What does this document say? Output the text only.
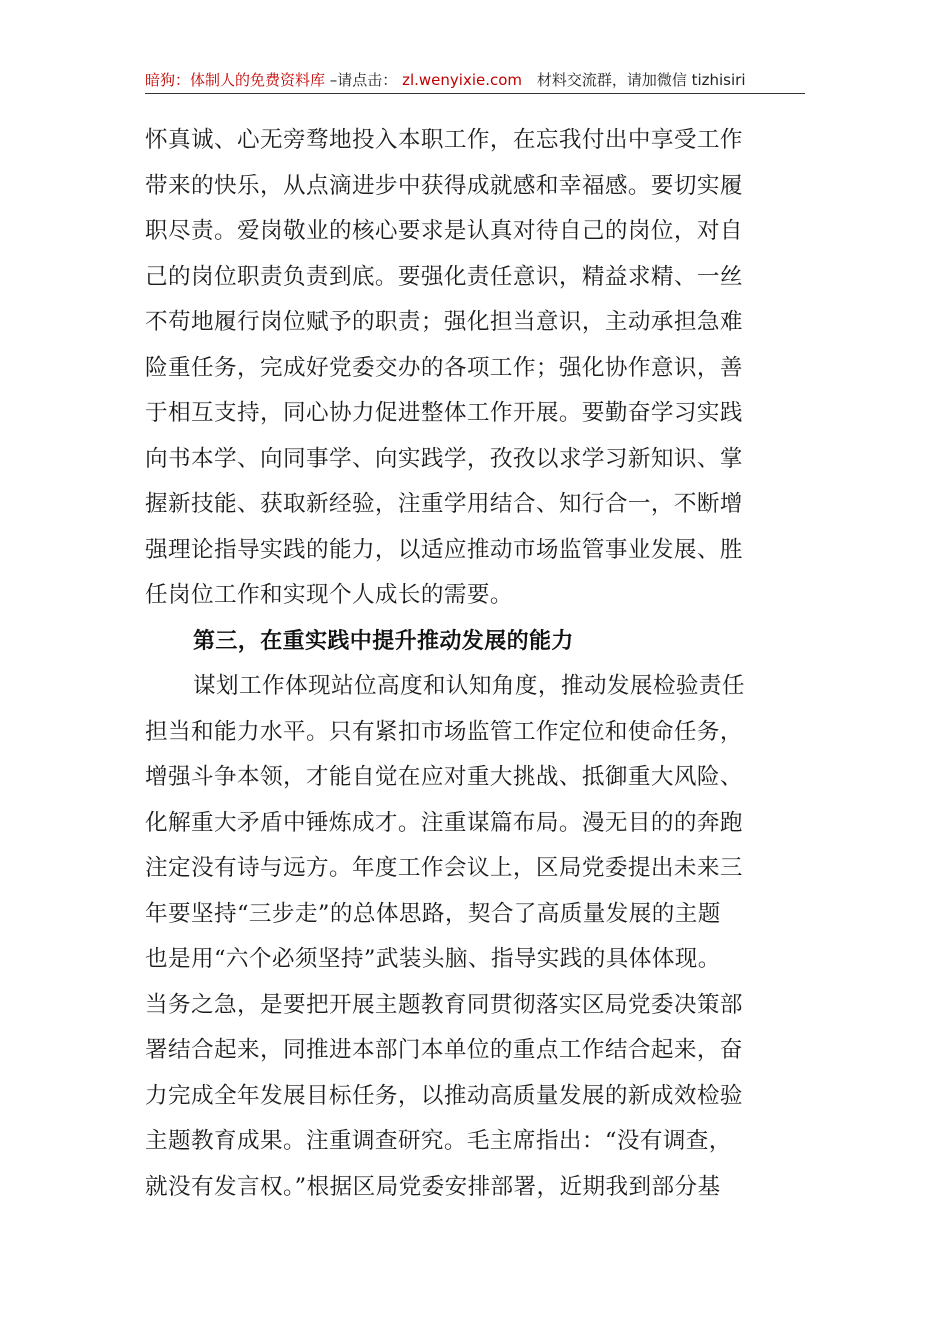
暗狗：体制人的免费资料库 –请点击： zl.wenyixie.com 材料交流群，请加微信 tizhisiri
怀真诚、心无旁骛地投入本职工作，在忘我付出中享受工作
带来的快乐，从点滴进步中获得成就感和幸福感。要切实履
职尽责。爱岗敬业的核心要求是认真对待自己的岗位，对自
己的岗位职责负责到底。要强化责任意识，精益求精、一丝
不苟地履行岗位赋予的职责；强化担当意识，主动承担急难
险重任务，完成好党委交办的各项工作；强化协作意识，善
于相互支持，同心协力促进整体工作开展。要勤奋学习实践
向书本学、向同事学、向实践学，孜孜以求学习新知识、掌
握新技能、获取新经验，注重学用结合、知行合一，不断增
强理论指导实践的能力，以适应推动市场监管事业发展、胜
任岗位工作和实现个人成长的需要。
第三，在重实践中提升推动发展的能力
谋划工作体现站位高度和认知角度，推动发展检验责任
担当和能力水平。只有紧扣市场监管工作定位和使命任务，
增强斗争本领，才能自觉在应对重大挑战、抵御重大风险、
化解重大矛盾中锤炼成才。注重谋篇布局。漫无目的的奔跑
注定没有诗与远方。年度工作会议上，区局党委提出未来三
年要坚持“三步走”的总体思路，契合了高质量发展的主题
也是用“六个必须坚持”武装头脑、指导实践的具体体现。
当务之急，是要把开展主题教育同贯彻落实区局党委决策部
署结合起来，同推进本部门本单位的重点工作结合起来，奋
力完成全年发展目标任务，以推动高质量发展的新成效检验
主题教育成果。注重调查研究。毛主席指出：“没有调查，
就没有发言权。”根据区局党委安排部署，近期我到部分基
